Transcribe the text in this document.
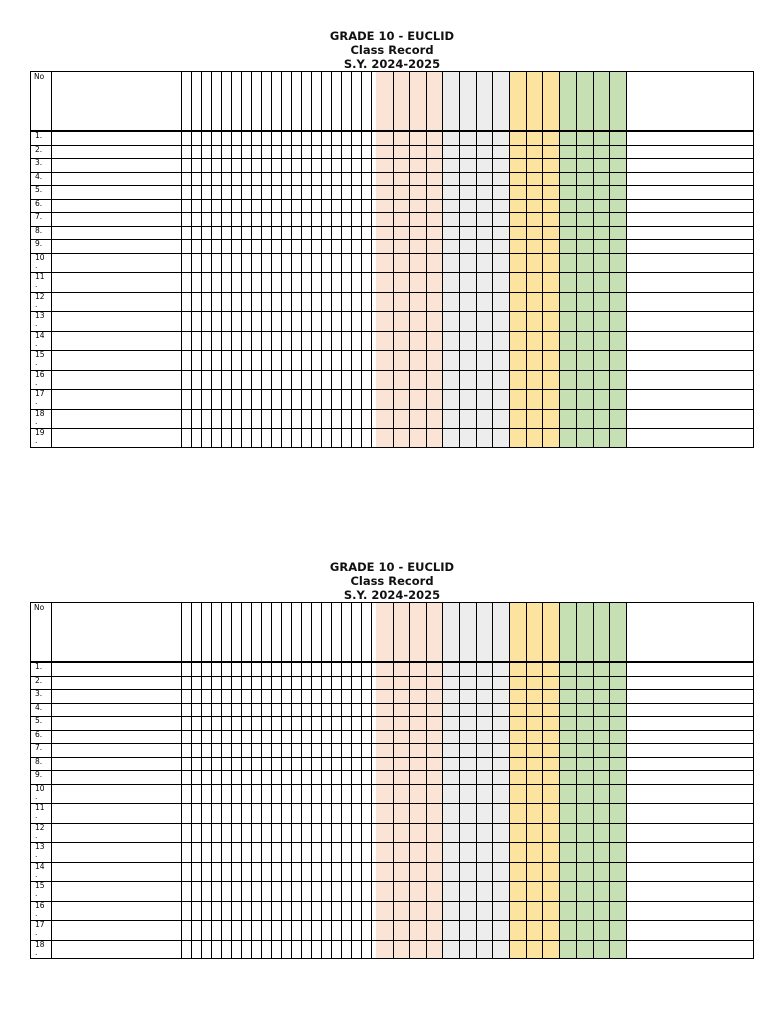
GRADE 10 - EUCLID
Class Record
S.Y. 2024-2025
No
1.
2.
3.
4.
5.
6.
7.
8.
9.
10
.
11
.
12
.
13
.
14
.
15
.
16
.
17
.
18
.
19
.
GRADE 10 - EUCLID
Class Record
S.Y. 2024-2025
No
1.
2.
3.
4.
5.
6.
7.
8.
9.
10
.
11
.
12
.
13
.
14
.
15
.
16
.
17
.
18
.
